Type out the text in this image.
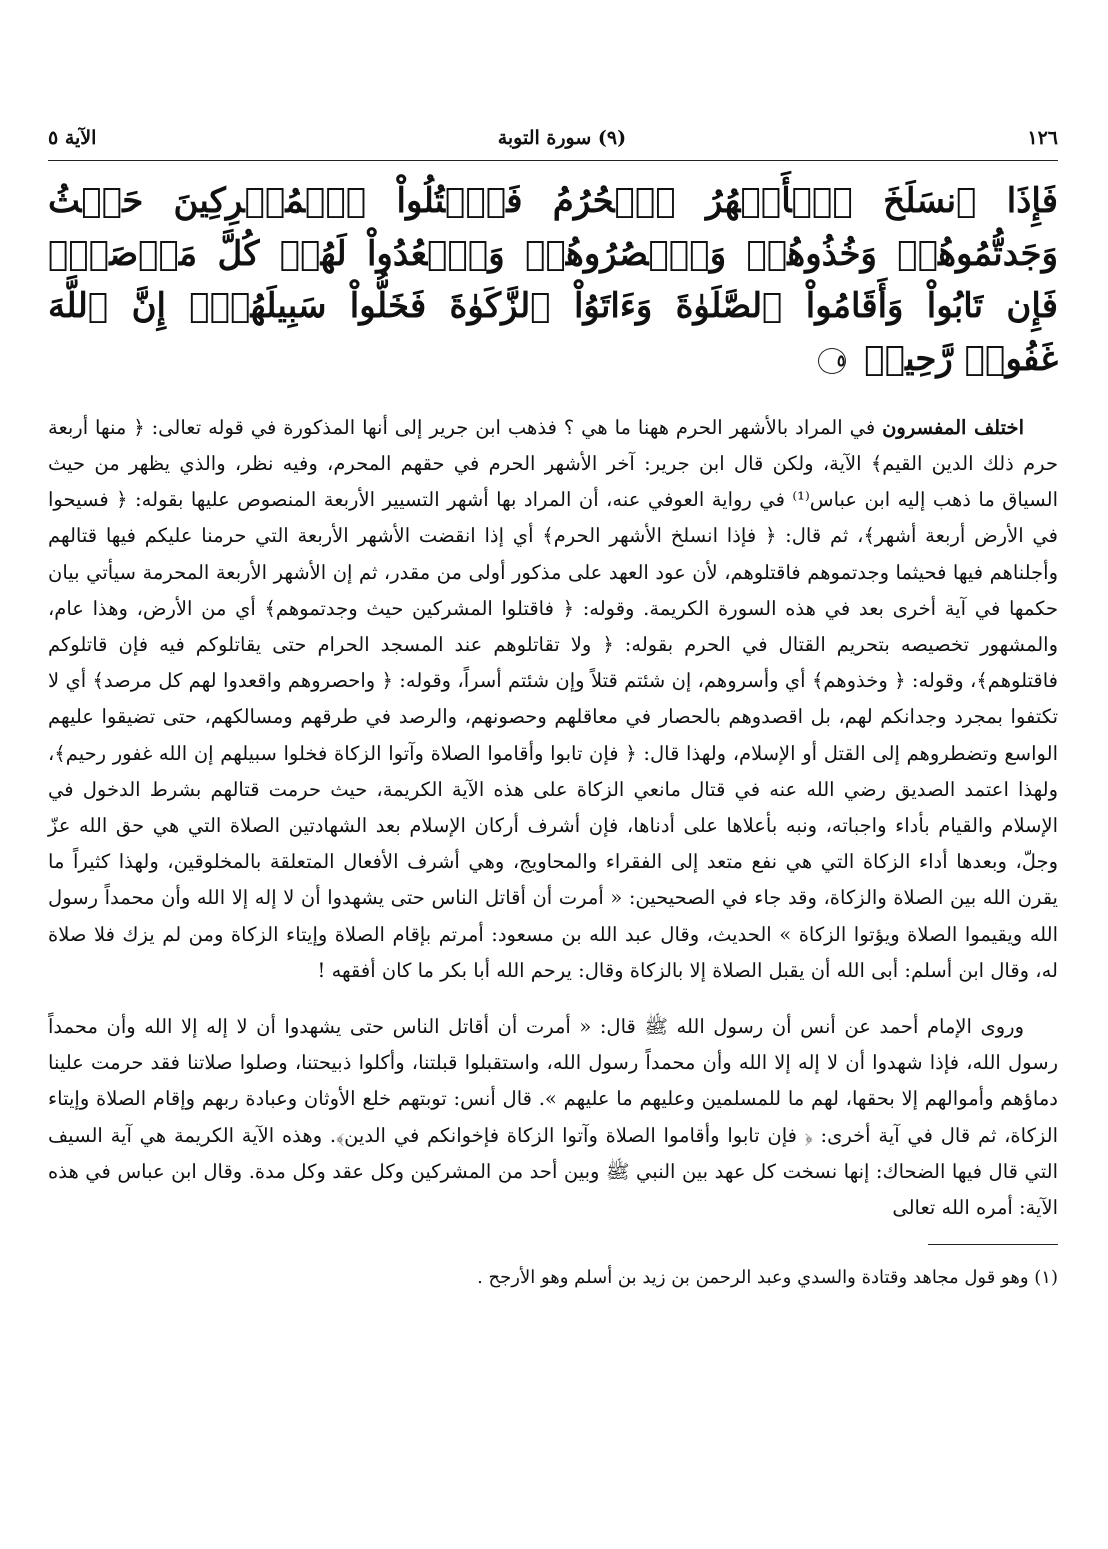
١٢٦
(٩) سورة التوبة
الآية ٥
فَإِذَا ٱنسَلَخَ ٱلۡأَشۡهُرُ ٱلۡحُرُمُ فَٱقۡتُلُواْ ٱلۡمُشۡرِكِينَ حَيۡثُ وَجَدتُّمُوهُمۡ وَخُذُوهُمۡ وَٱحۡصُرُوهُمۡ وَٱقۡعُدُواْ لَهُمۡ كُلَّ مَرۡصَدٖۚ فَإِن تَابُواْ وَأَقَامُواْ ٱلصَّلَوٰةَ وَءَاتَوُاْ ٱلزَّكَوٰةَ فَخَلُّواْ سَبِيلَهُمۡۚ إِنَّ ٱللَّهَ غَفُورٞ رَّحِيمٞ ٥

اختلف المفسرون في المراد بالأشهر الحرم ههنا ما هي ؟ فذهب ابن جرير إلى أنها المذكورة في قوله تعالى: ﴿ منها أربعة حرم ذلك الدين القيم﴾ الآية، ولكن قال ابن جرير: آخر الأشهر الحرم في حقهم المحرم، وفيه نظر، والذي يظهر من حيث السياق ما ذهب إليه ابن عباس⁽¹⁾ في رواية العوفي عنه، أن المراد بها أشهر التسيير الأربعة المنصوص عليها بقوله: ﴿ فسيحوا في الأرض أربعة أشهر﴾، ثم قال: ﴿ فإذا انسلخ الأشهر الحرم﴾ أي إذا انقضت الأشهر الأربعة التي حرمنا عليكم فيها قتالهم وأجلناهم فيها فحيثما وجدتموهم فاقتلوهم، لأن عود العهد على مذكور أولى من مقدر، ثم إن الأشهر الأربعة المحرمة سيأتي بيان حكمها في آية أخرى بعد في هذه السورة الكريمة. وقوله: ﴿ فاقتلوا المشركين حيث وجدتموهم﴾ أي من الأرض، وهذا عام، والمشهور تخصيصه بتحريم القتال في الحرم بقوله: ﴿ ولا تقاتلوهم عند المسجد الحرام حتى يقاتلوكم فيه فإن قاتلوكم فاقتلوهم﴾، وقوله: ﴿ وخذوهم﴾ أي وأسروهم، إن شئتم قتلاً وإن شئتم أسراً، وقوله: ﴿ واحصروهم واقعدوا لهم كل مرصد﴾ أي لا تكتفوا بمجرد وجدانكم لهم، بل اقصدوهم بالحصار في معاقلهم وحصونهم، والرصد في طرقهم ومسالكهم، حتى تضيقوا عليهم الواسع وتضطروهم إلى القتل أو الإسلام، ولهذا قال: ﴿ فإن تابوا وأقاموا الصلاة وآتوا الزكاة فخلوا سبيلهم إن الله غفور رحيم﴾، ولهذا اعتمد الصديق رضي الله عنه في قتال مانعي الزكاة على هذه الآية الكريمة، حيث حرمت قتالهم بشرط الدخول في الإسلام والقيام بأداء واجباته، ونبه بأعلاها على أدناها، فإن أشرف أركان الإسلام بعد الشهادتين الصلاة التي هي حق الله عزّ وجلّ، وبعدها أداء الزكاة التي هي نفع متعد إلى الفقراء والمحاويج، وهي أشرف الأفعال المتعلقة بالمخلوقين، ولهذا كثيراً ما يقرن الله بين الصلاة والزكاة، وقد جاء في الصحيحين: « أمرت أن أقاتل الناس حتى يشهدوا أن لا إله إلا الله وأن محمداً رسول الله ويقيموا الصلاة ويؤتوا الزكاة » الحديث، وقال عبد الله بن مسعود: أمرتم بإقام الصلاة وإيتاء الزكاة ومن لم يزك فلا صلاة له، وقال ابن أسلم: أبى الله أن يقبل الصلاة إلا بالزكاة وقال: يرحم الله أبا بكر ما كان أفقهه !

وروى الإمام أحمد عن أنس أن رسول الله ﷺ قال: « أمرت أن أقاتل الناس حتى يشهدوا أن لا إله إلا الله وأن محمداً رسول الله، فإذا شهدوا أن لا إله إلا الله وأن محمداً رسول الله، واستقبلوا قبلتنا، وأكلوا ذبيحتنا، وصلوا صلاتنا فقد حرمت علينا دماؤهم وأموالهم إلا بحقها، لهم ما للمسلمين وعليهم ما عليهم ». قال أنس: توبتهم خلع الأوثان وعبادة ربهم وإقام الصلاة وإيتاء الزكاة، ثم قال في آية أخرى: ﴿ فإن تابوا وأقاموا الصلاة وآتوا الزكاة فإخوانكم في الدين﴾. وهذه الآية الكريمة هي آية السيف التي قال فيها الضحاك: إنها نسخت كل عهد بين النبي ﷺ وبين أحد من المشركين وكل عقد وكل مدة. وقال ابن عباس في هذه الآية: أمره الله تعالى

(١) وهو قول مجاهد وقتادة والسدي وعبد الرحمن بن زيد بن أسلم وهو الأرجح .
